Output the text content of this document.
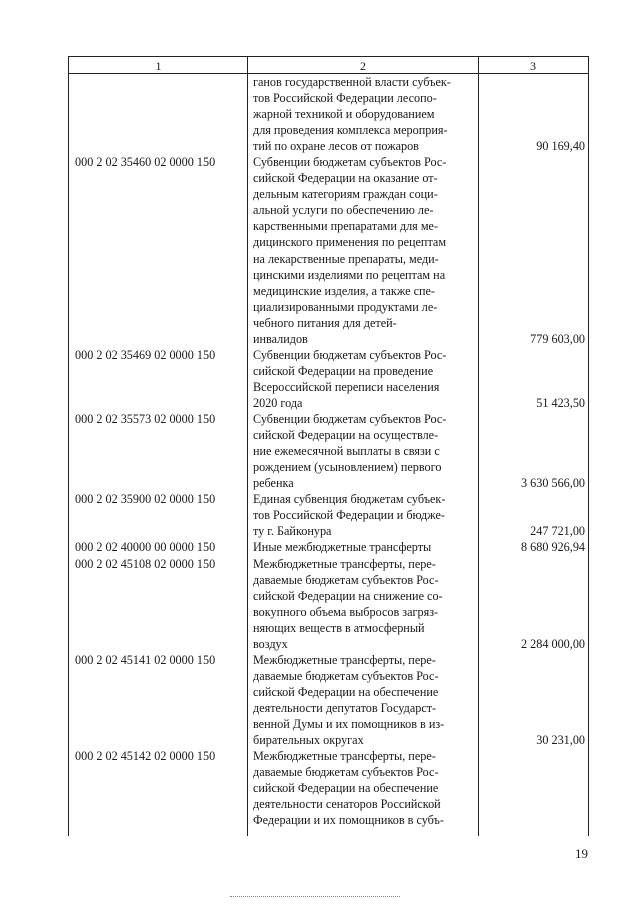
1	2	3
ганов государственной власти субъек-
тов Российской Федерации лесопо-
жарной техникой и оборудованием
для проведения комплекса мероприя-
тий по охране лесов от пожаров	90 169,40
000 2 02 35460 02 0000 150	Субвенции бюджетам субъектов Рос-
сийской Федерации на оказание от-
дельным категориям граждан соци-
альной услуги по обеспечению ле-
карственными препаратами для ме-
дицинского применения по рецептам
на лекарственные препараты, меди-
цинскими изделиями по рецептам на
медицинские изделия, а также спе-
циализированными продуктами ле-
чебного питания для детей-
инвалидов	779 603,00
000 2 02 35469 02 0000 150	Субвенции бюджетам субъектов Рос-
сийской Федерации на проведение
Всероссийской переписи населения
2020 года	51 423,50
000 2 02 35573 02 0000 150	Субвенции бюджетам субъектов Рос-
сийской Федерации на осуществле-
ние ежемесячной выплаты в связи с
рождением (усыновлением) первого
ребенка	3 630 566,00
000 2 02 35900 02 0000 150	Единая субвенция бюджетам субъек-
тов Российской Федерации и бюдже-
ту г. Байконура	247 721,00
000 2 02 40000 00 0000 150	Иные межбюджетные трансферты	8 680 926,94
000 2 02 45108 02 0000 150	Межбюджетные трансферты, пере-
даваемые бюджетам субъектов Рос-
сийской Федерации на снижение со-
вокупного объема выбросов загряз-
няющих веществ в атмосферный
воздух	2 284 000,00
000 2 02 45141 02 0000 150	Межбюджетные трансферты, пере-
даваемые бюджетам субъектов Рос-
сийской Федерации на обеспечение
деятельности депутатов Государст-
венной Думы и их помощников в из-
бирательных округах	30 231,00
000 2 02 45142 02 0000 150	Межбюджетные трансферты, пере-
даваемые бюджетам субъектов Рос-
сийской Федерации на обеспечение
деятельности сенаторов Российской
Федерации и их помощников в субъ-
19
